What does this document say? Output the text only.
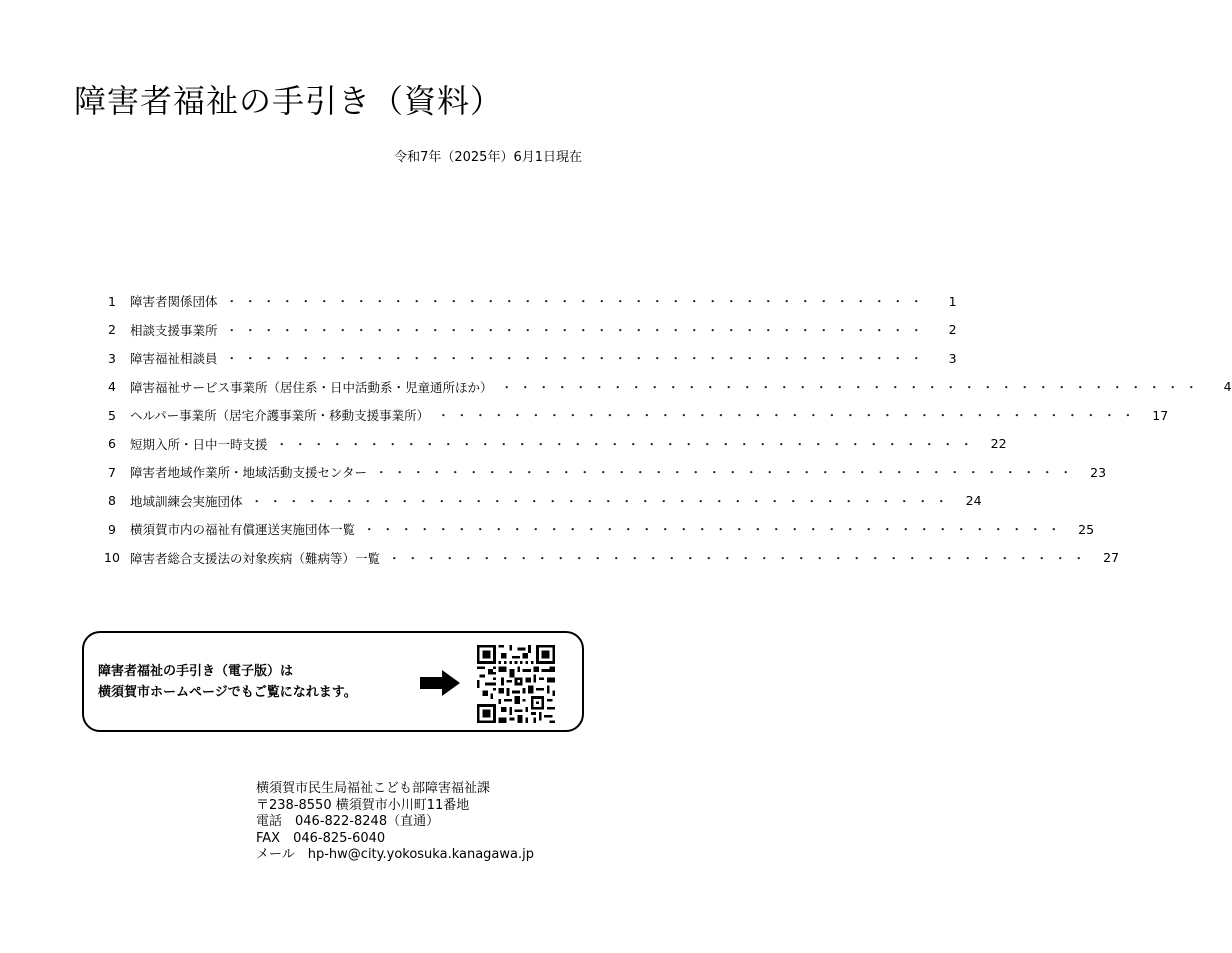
障害者福祉の手引き（資料）
令和7年（2025年）6月1日現在
1	障害者関係団体 ・・・・・・・・・・・・・・・・・・・・・・・・・・・・・・・・・・・・・・	1
2	相談支援事業所 ・・・・・・・・・・・・・・・・・・・・・・・・・・・・・・・・・・・・・・	2
3	障害福祉相談員 ・・・・・・・・・・・・・・・・・・・・・・・・・・・・・・・・・・・・・・	3
4	障害福祉サービス事業所（居住系・日中活動系・児童通所ほか） ・・・・・・・・・・・・・・・・・・・・・・・・・・・・・・・・・・・・・・	4
5	ヘルパー事業所（居宅介護事業所・移動支援事業所） ・・・・・・・・・・・・・・・・・・・・・・・・・・・・・・・・・・・・・・ 17
6	短期入所・日中一時支援 ・・・・・・・・・・・・・・・・・・・・・・・・・・・・・・・・・・・・・・ 22
7	障害者地域作業所・地域活動支援センター ・・・・・・・・・・・・・・・・・・・・・・・・・・・・・・・・・・・・・・ 23
8	地域訓練会実施団体 ・・・・・・・・・・・・・・・・・・・・・・・・・・・・・・・・・・・・・・ 24
9	横須賀市内の福祉有償運送実施団体一覧 ・・・・・・・・・・・・・・・・・・・・・・・・・・・・・・・・・・・・・・ 25
10 障害者総合支援法の対象疾病（難病等）一覧 ・・・・・・・・・・・・・・・・・・・・・・・・・・・・・・・・・・・・・・ 27
障害者福祉の手引き（電子版）は
横須賀市ホームページでもご覧になれます。
横須賀市民生局福祉こども部障害福祉課
〒238-8550 横須賀市小川町11番地
電話　046-822-8248（直通）
FAX　046-825-6040
メール　hp-hw@city.yokosuka.kanagawa.jp
